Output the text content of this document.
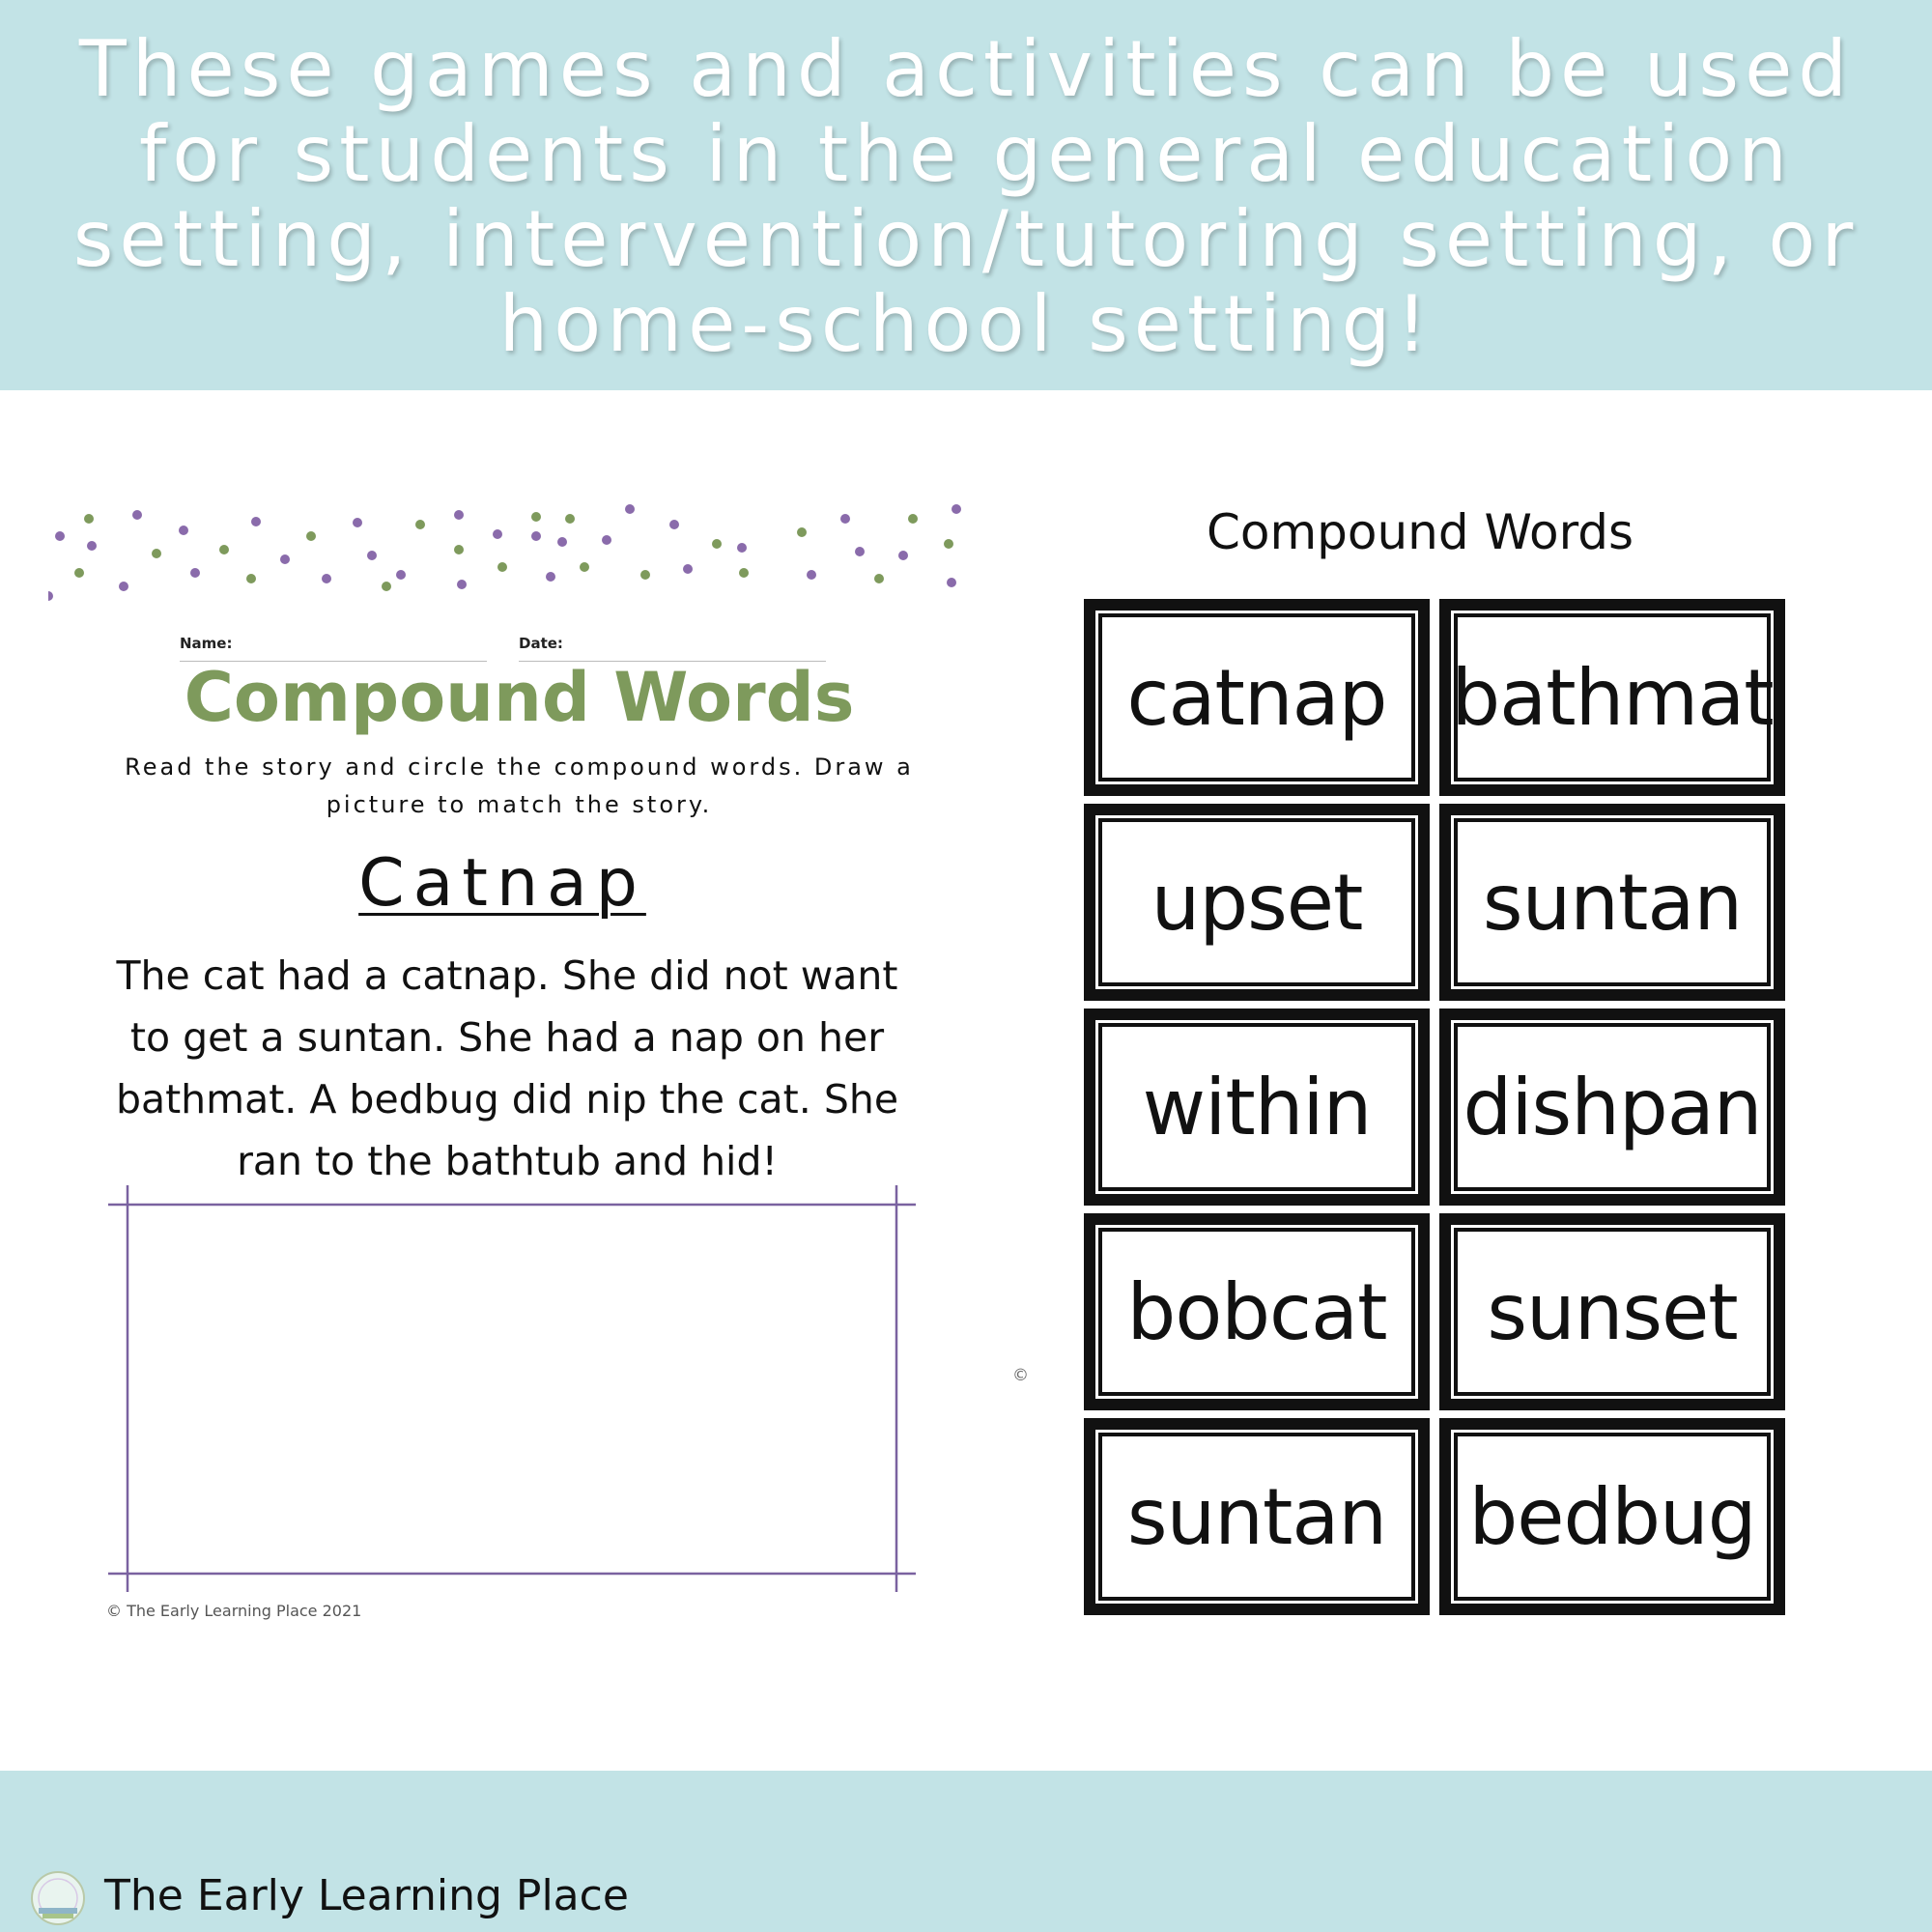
These games and activities can be used for students in the general education setting, intervention/tutoring setting, or home-school setting!
Name:	Date:
Compound Words

Read the story and circle the compound words. Draw a picture to match the story.

Catnap

The cat had a catnap. She did not want to get a suntan. She had a nap on her bathmat. A bedbug did nip the cat. She ran to the bathtub and hid!

© The Early Learning Place 2021
©
Compound Words
catnap bathmat
upset suntan
within dishpan
bobcat sunset
suntan bedbug
The Early Learning Place
